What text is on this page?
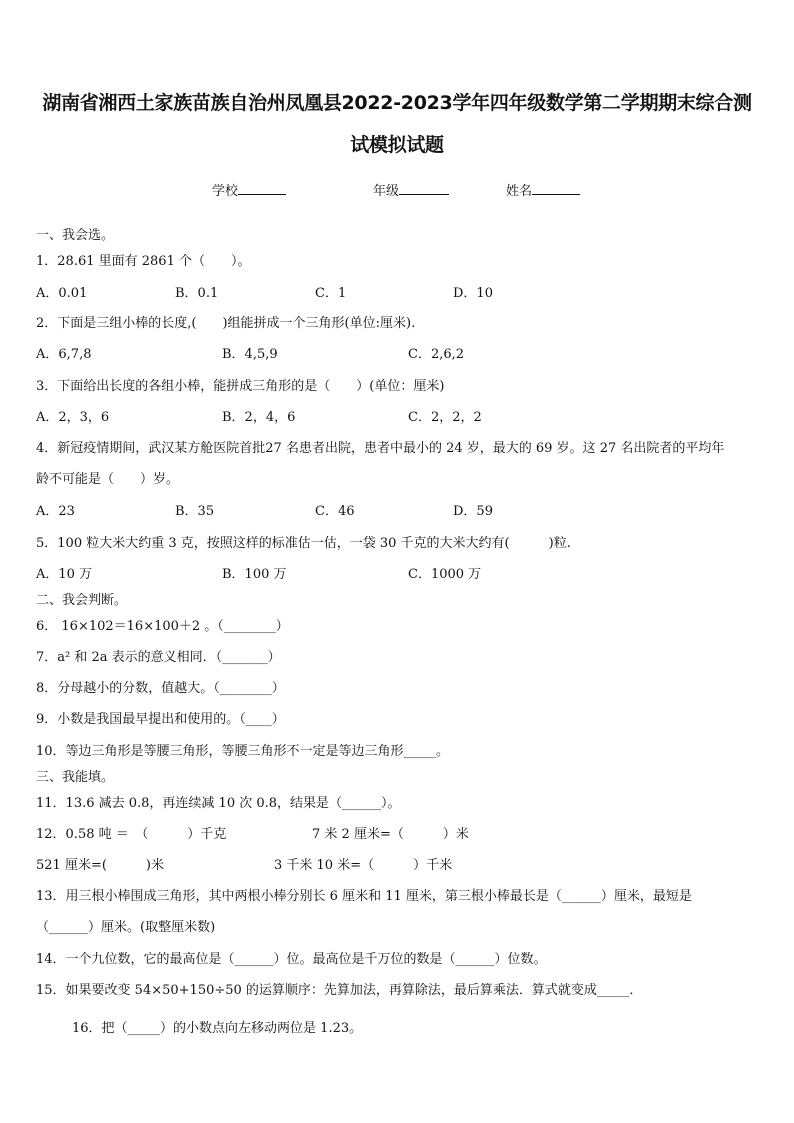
湖南省湘西土家族苗族自治州凤凰县2022-2023学年四年级数学第二学期期末综合测
试模拟试题
学校	年级	姓名
一、我会选。
1．28.61 里面有 2861 个（　　）。
A．0.01	B．0.1	C．1	D．10
2．下面是三组小棒的长度,(　　)组能拼成一个三角形(单位:厘米).
A．6,7,8	B．4,5,9	C．2,6,2
3．下面给出长度的各组小棒，能拼成三角形的是（　　）(单位：厘米)
A．2，3，6	B．2，4，6	C．2，2，2
4．新冠疫情期间，武汉某方舱医院首批27 名患者出院，患者中最小的 24 岁，最大的 69 岁。这 27 名出院者的平均年
龄不可能是（　　）岁。
A．23	B．35	C．46	D．59
5．100 粒大米大约重 3 克，按照这样的标准估一估，一袋 30 千克的大米大约有(　　　)粒.
A．10 万	B．100 万	C．1000 万
二、我会判断。
6． 16×102＝16×100＋2 。（________）
7．a² 和 2a 表示的意义相同．（_______）
8．分母越小的分数，值越大。（________）
9．小数是我国最早提出和使用的。（____）
10．等边三角形是等腰三角形，等腰三角形不一定是等边三角形_____。
三、我能填。
11．13.6 减去 0.8，再连续减 10 次 0.8，结果是（______）。
12．0.58 吨 ＝　（　　　）千克	7 米 2 厘米=（　　　）米
521 厘米=(　　　)米	3 千米 10 米=（　　　）千米
13．用三根小棒围成三角形，其中两根小棒分别长 6 厘米和 11 厘米，第三根小棒最长是（______）厘米，最短是
（______）厘米。(取整厘米数)
14．一个九位数，它的最高位是（______）位。最高位是千万位的数是（______）位数。
15．如果要改变 54×50+150÷50 的运算顺序：先算加法，再算除法，最后算乘法．算式就变成_____．
16．把（_____）的小数点向左移动两位是 1.23。
